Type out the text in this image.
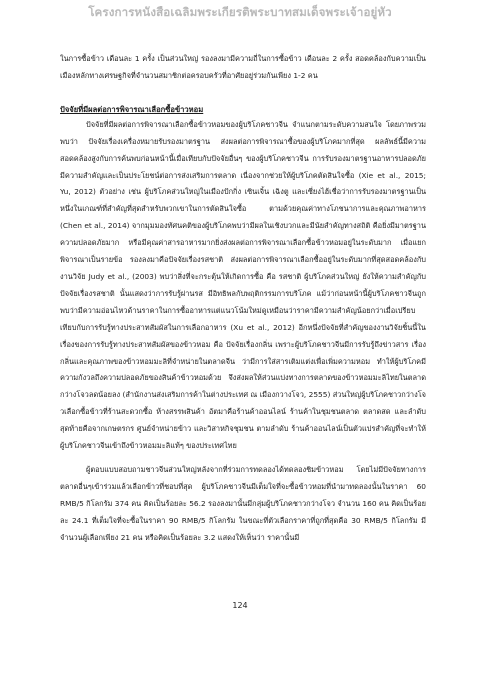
โครงการหนังสือเฉลิมพระเกียรติพระบาทสมเด็จพระเจ้าอยู่หัว

ในการซื้อข้าว เดือนละ 1 ครั้ง เป็นส่วนใหญ่ รองลงมามีความถี่ในการซื้อข้าว เดือนละ 2 ครั้ง สอดคล้องกับความเป็นเมืองหลักทางเศรษฐกิจที่จำนวนสมาชิกต่อครอบครัวที่อาศัยอยู่ร่วมกันเพียง 1-2 คน

ปัจจัยที่มีผลต่อการพิจารณาเลือกซื้อข้าวหอม

ปัจจัยที่มีผลต่อการพิจารณาเลือกซื้อข้าวหอมของผู้บริโภคชาวจีน จำแนกตามระดับความสนใจ โดยภาพรวมพบว่า ปัจจัยเรื่องเครื่องหมายรับรองมาตรฐาน ส่งผลต่อการพิจารณาซื้อของผู้บริโภคมากที่สุด ผลลัพธ์นี้มีความสอดคล้องสูงกับการค้นพบก่อนหน้านี้เมื่อเทียบกับปัจจัยอื่นๆ ของผู้บริโภคชาวจีน การรับรองมาตรฐานอาหารปลอดภัยมีความสำคัญและเป็นประโยชน์ต่อการส่งเสริมการตลาด เนื่องจากช่วยให้ผู้บริโภคตัดสินใจซื้อ (Xie et al., 2015; Yu, 2012) ตัวอย่าง เช่น ผู้บริโภคส่วนใหญ่ในเมืองปักกิ่ง เซินเจิ้น เฉิงตู และเซี่ยงไฮ้เชื่อว่าการรับรองมาตรฐานเป็นหนึ่งในเกณฑ์ที่สำคัญที่สุดสำหรับพวกเขาในการตัดสินใจซื้อ ตามด้วยคุณค่าทางโภชนาการและคุณภาพอาหาร (Chen et al., 2014) จากมุมมองทัศนคติของผู้บริโภคพบว่ามีผลในเชิงบวกและมีนัยสำคัญทางสถิติ คือยิ่งมีมาตรฐานความปลอดภัยมาก หรือมีคุณค่าสารอาหารมากยิ่งส่งผลต่อการพิจารณาเลือกซื้อข้าวหอมอยู่ในระดับมาก เมื่อแยกพิจารณาเป็นรายข้อ รองลงมาคือปัจจัยเรื่องรสชาติ ส่งผลต่อการพิจารณาเลือกซื้ออยู่ในระดับมากที่สุดสอดคล้องกับงานวิจัย Judy et al., (2003) พบว่าสิ่งที่จะกระตุ้นให้เกิดการซื้อ คือ รสชาติ ผู้บริโภคส่วนใหญ่ ยังให้ความสำคัญกับปัจจัยเรื่องรสชาติ นั้นแสดงว่าการรับรู้ผ่านรส มีอิทธิพลกับพฤติกรรมการบริโภค แม้ว่าก่อนหน้านี้ผู้บริโภคชาวจีนถูกพบว่ามีความอ่อนไหวด้านราคาในการซื้ออาหารแต่แนวโน้มใหม่ดูเหมือนว่าราคามีความสำคัญน้อยกว่าเมื่อเปรียบเทียบกับการรับรู้ทางประสาทสัมผัสในการเลือกอาหาร (Xu et al., 2012) อีกหนึ่งปัจจัยที่สำคัญของงานวิจัยชิ้นนี้ในเรื่องของการรับรู้ทางประสาทสัมผัสของข้าวหอม คือ ปัจจัยเรื่องกลิ่น เพราะผู้บริโภคชาวจีนมีการรับรู้ถึงข่าวสาร เรื่องกลิ่นและคุณภาพของข้าวหอมมะลิที่จำหน่ายในตลาดจีน ว่ามีการใส่สารเติมแต่งเพื่อเพิ่มความหอม ทำให้ผู้บริโภคมีความกังวลถึงความปลอดภัยของสินค้าข้าวหอมด้วย จึงส่งผลให้ส่วนแบ่งทางการตลาดของข้าวหอมมะลิไทยในตลาดกว่างโจวลดน้อยลง (สำนักงานส่งเสริมการค้าในต่างประเทศ ณ เมืองกวางโจว, 2555) ส่วนใหญ่ผู้บริโภคชาวกว่างโจวเลือกซื้อข้าวที่ร้านสะดวกซื้อ ห้างสรรพสินค้า อัตมาคือร้านค้าออนไลน์ ร้านค้าในชุมชนตลาด ตลาดสด และลำดับสุดท้ายคือจากเกษตรกร ศูนย์จำหน่ายข้าว และวิสาหกิจชุมชน ตามลำดับ ร้านค้าออนไลน์เป็นตัวแปรสำคัญที่จะทำให้ผู้บริโภคชาวจีนเข้าถึงข้าวหอมมะลิแท้ๆ ของประเทศไทย

ผู้ตอบแบบสอบถามชาวจีนส่วนใหญ่หลังจากที่ร่วมการทดลองได้ทดลองชิมข้าวหอม โดยไม่มีปัจจัยทางการตลาดอื่นๆเข้าร่วมแล้วเลือกข้าวที่ชอบที่สุด ผู้บริโภคชาวจีนมีเต็มใจที่จะซื้อข้าวหอมที่นำมาทดลองนั้นในราคา 60 RMB/5 กิโลกรัม 374 คน คิดเป็นร้อยละ 56.2 รองลงมานั้นมีกลุ่มผู้บริโภคชาวกว่างโจว จำนวน 160 คน คิดเป็นร้อยละ 24.1 ที่เต็มใจที่จะซื้อในราคา 90 RMB/5 กิโลกรัม ในขณะที่ตัวเลือกราคาที่ถูกที่สุดคือ 30 RMB/5 กิโลกรัม มีจำนวนผู้เลือกเพียง 21 คน หรือคิดเป็นร้อยละ 3.2 แสดงให้เห็นว่า ราคานั้นมี

124
